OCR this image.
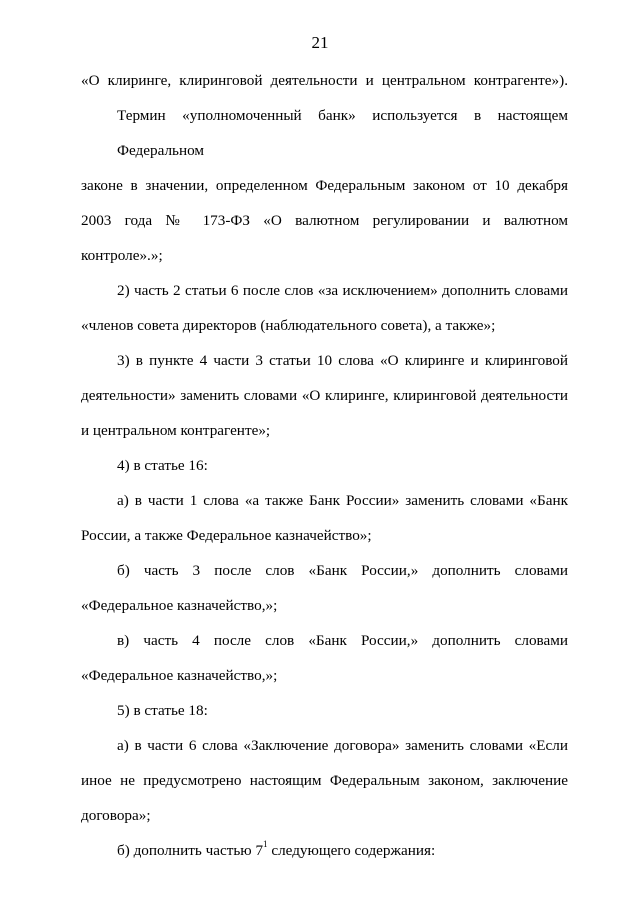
21
«О клиринге, клиринговой деятельности и центральном контрагенте»).
Термин «уполномоченный банк» используется в настоящем Федеральном
законе в значении, определенном Федеральным законом от 10 декабря
2003 года № 173-ФЗ «О валютном регулировании и валютном контроле».»;
2) часть 2 статьи 6 после слов «за исключением» дополнить словами
«членов совета директоров (наблюдательного совета), а также»;
3) в пункте 4 части 3 статьи 10 слова «О клиринге и клиринговой
деятельности» заменить словами «О клиринге, клиринговой деятельности
и центральном контрагенте»;
4) в статье 16:
а) в части 1 слова «а также Банк России» заменить словами «Банк
России, а также Федеральное казначейство»;
б) часть 3 после слов «Банк России,» дополнить словами
«Федеральное казначейство,»;
в) часть 4 после слов «Банк России,» дополнить словами
«Федеральное казначейство,»;
5) в статье 18:
а) в части 6 слова «Заключение договора» заменить словами «Если
иное не предусмотрено настоящим Федеральным законом, заключение
договора»;
б) дополнить частью $7^1$ следующего содержания:
